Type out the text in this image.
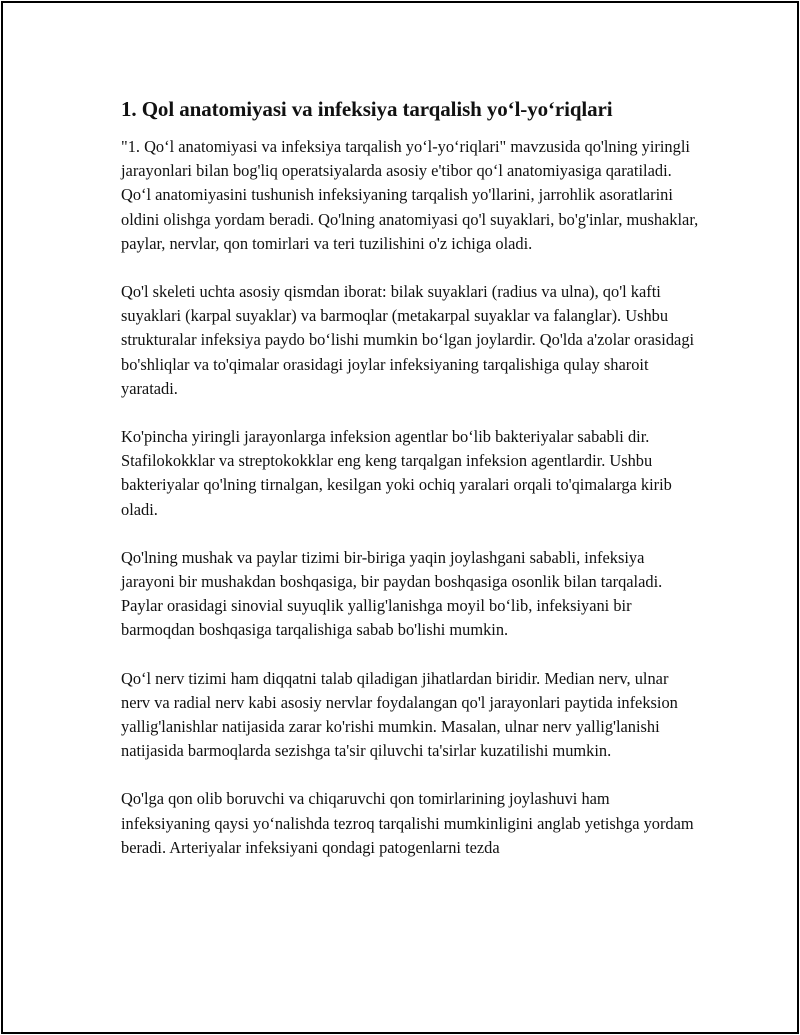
1. Qol anatomiyasi va infeksiya tarqalish yo‘l-yo‘riqlari

"1. Qo‘l anatomiyasi va infeksiya tarqalish yo‘l-yo‘riqlari" mavzusida qo'lning yiringli jarayonlari bilan bog'liq operatsiyalarda asosiy e'tibor qo‘l anatomiyasiga qaratiladi. Qo‘l anatomiyasini tushunish infeksiyaning tarqalish yo'llarini, jarrohlik asoratlarini oldini olishga yordam beradi. Qo'lning anatomiyasi qo'l suyaklari, bo'g'inlar, mushaklar, paylar, nervlar, qon tomirlari va teri tuzilishini o'z ichiga oladi.

Qo'l skeleti uchta asosiy qismdan iborat: bilak suyaklari (radius va ulna), qo'l kafti suyaklari (karpal suyaklar) va barmoqlar (metakarpal suyaklar va falanglar). Ushbu strukturalar infeksiya paydo bo‘lishi mumkin bo‘lgan joylardir. Qo'lda a'zolar orasidagi bo'shliqlar va to'qimalar orasidagi joylar infeksiyaning tarqalishiga qulay sharoit yaratadi.

Ko'pincha yiringli jarayonlarga infeksion agentlar bo‘lib bakteriyalar sababli dir. Stafilokokklar va streptokokklar eng keng tarqalgan infeksion agentlardir. Ushbu bakteriyalar qo'lning tirnalgan, kesilgan yoki ochiq yaralari orqali to'qimalarga kirib oladi.

Qo'lning mushak va paylar tizimi bir-biriga yaqin joylashgani sababli, infeksiya jarayoni bir mushakdan boshqasiga, bir paydan boshqasiga osonlik bilan tarqaladi. Paylar orasidagi sinovial suyuqlik yallig'lanishga moyil bo‘lib, infeksiyani bir barmoqdan boshqasiga tarqalishiga sabab bo'lishi mumkin.

Qo‘l nerv tizimi ham diqqatni talab qiladigan jihatlardan biridir. Median nerv, ulnar nerv va radial nerv kabi asosiy nervlar foydalangan qo'l jarayonlari paytida infeksion yallig'lanishlar natijasida zarar ko'rishi mumkin. Masalan, ulnar nerv yallig'lanishi natijasida barmoqlarda sezishga ta'sir qiluvchi ta'sirlar kuzatilishi mumkin.

Qo'lga qon olib boruvchi va chiqaruvchi qon tomirlarining joylashuvi ham infeksiyaning qaysi yo‘nalishda tezroq tarqalishi mumkinligini anglab yetishga yordam beradi. Arteriyalar infeksiyani qondagi patogenlarni tezda
